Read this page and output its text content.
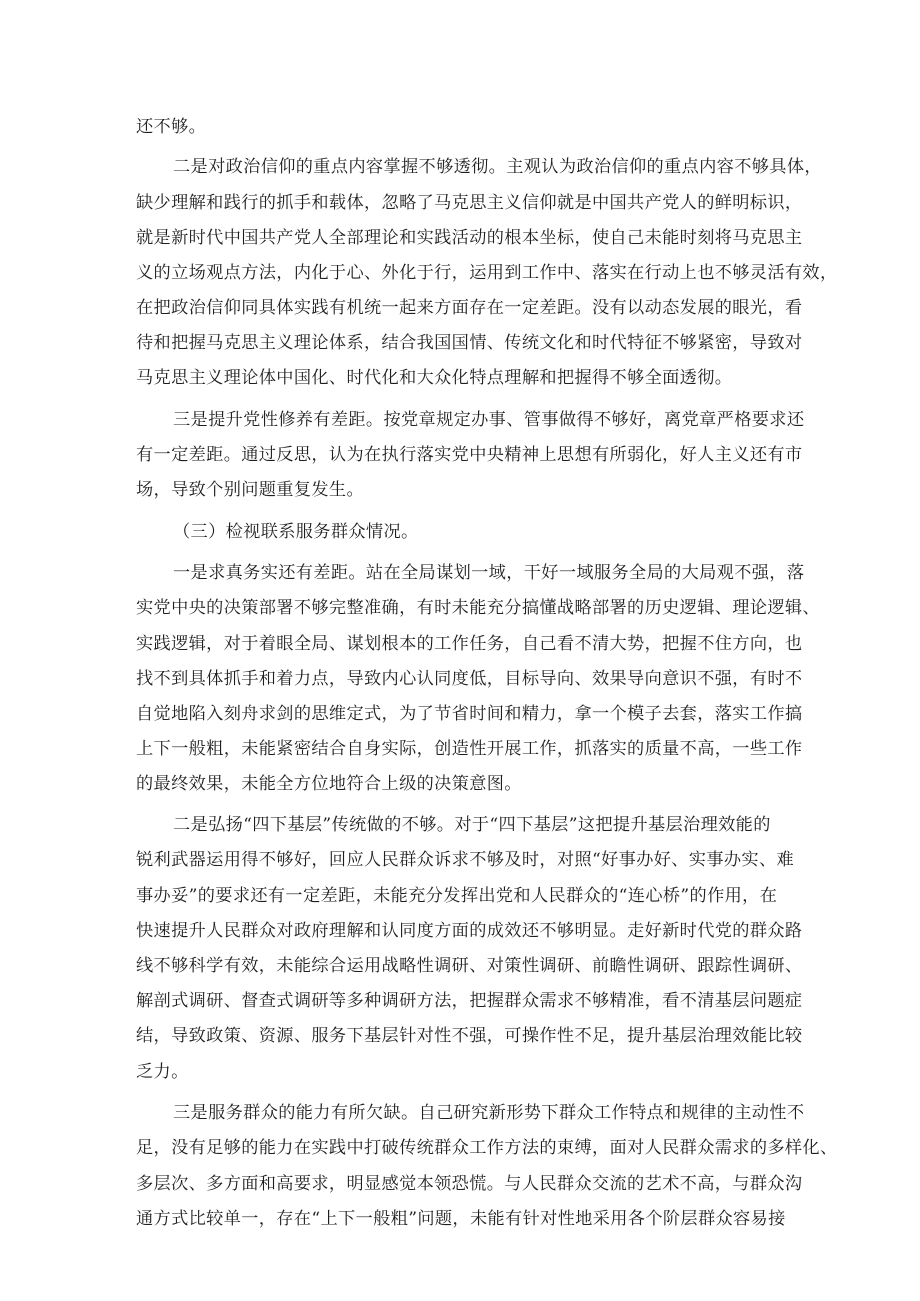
还不够。
二是对政治信仰的重点内容掌握不够透彻。主观认为政治信仰的重点内容不够具体，
缺少理解和践行的抓手和载体，忽略了马克思主义信仰就是中国共产党人的鲜明标识，
就是新时代中国共产党人全部理论和实践活动的根本坐标，使自己未能时刻将马克思主
义的立场观点方法，内化于心、外化于行，运用到工作中、落实在行动上也不够灵活有效，
在把政治信仰同具体实践有机统一起来方面存在一定差距。没有以动态发展的眼光，看
待和把握马克思主义理论体系，结合我国国情、传统文化和时代特征不够紧密，导致对
马克思主义理论体中国化、时代化和大众化特点理解和把握得不够全面透彻。
三是提升党性修养有差距。按党章规定办事、管事做得不够好，离党章严格要求还
有一定差距。通过反思，认为在执行落实党中央精神上思想有所弱化，好人主义还有市
场，导致个别问题重复发生。
（三）检视联系服务群众情况。
一是求真务实还有差距。站在全局谋划一域，干好一域服务全局的大局观不强，落
实党中央的决策部署不够完整准确，有时未能充分搞懂战略部署的历史逻辑、理论逻辑、
实践逻辑，对于着眼全局、谋划根本的工作任务，自己看不清大势，把握不住方向，也
找不到具体抓手和着力点，导致内心认同度低，目标导向、效果导向意识不强，有时不
自觉地陷入刻舟求剑的思维定式，为了节省时间和精力，拿一个模子去套，落实工作搞
上下一般粗，未能紧密结合自身实际，创造性开展工作，抓落实的质量不高，一些工作
的最终效果，未能全方位地符合上级的决策意图。
二是弘扬“四下基层”传统做的不够。对于“四下基层”这把提升基层治理效能的
锐利武器运用得不够好，回应人民群众诉求不够及时，对照“好事办好、实事办实、难
事办妥”的要求还有一定差距，未能充分发挥出党和人民群众的“连心桥”的作用，在
快速提升人民群众对政府理解和认同度方面的成效还不够明显。走好新时代党的群众路
线不够科学有效，未能综合运用战略性调研、对策性调研、前瞻性调研、跟踪性调研、
解剖式调研、督查式调研等多种调研方法，把握群众需求不够精准，看不清基层问题症
结，导致政策、资源、服务下基层针对性不强，可操作性不足，提升基层治理效能比较
乏力。
三是服务群众的能力有所欠缺。自己研究新形势下群众工作特点和规律的主动性不
足，没有足够的能力在实践中打破传统群众工作方法的束缚，面对人民群众需求的多样化、
多层次、多方面和高要求，明显感觉本领恐慌。与人民群众交流的艺术不高，与群众沟
通方式比较单一，存在“上下一般粗”问题，未能有针对性地采用各个阶层群众容易接
